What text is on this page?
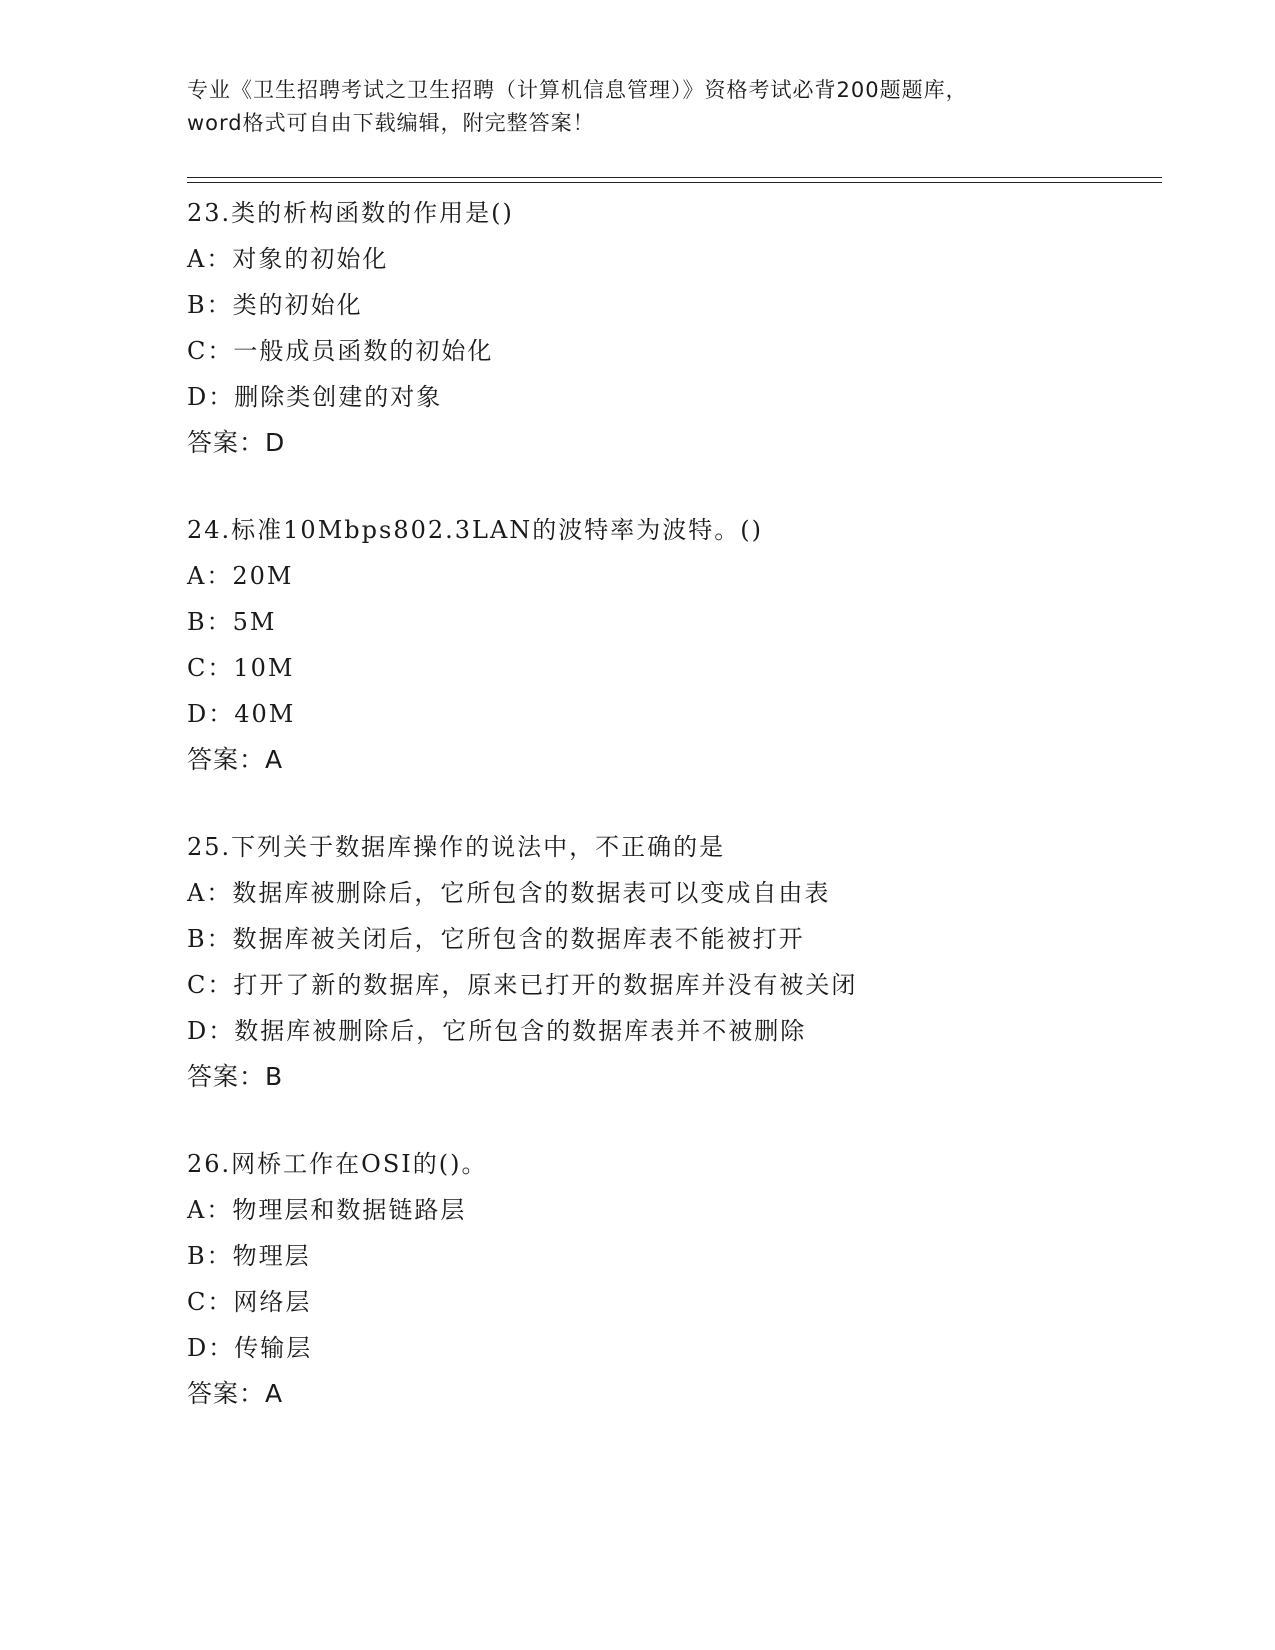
专业《卫生招聘考试之卫生招聘（计算机信息管理）》资格考试必背200题题库，
word格式可自由下载编辑，附完整答案！
23.类的析构函数的作用是()
A：对象的初始化
B：类的初始化
C：一般成员函数的初始化
D：删除类创建的对象
答案：D
24.标准10Mbps802.3LAN的波特率为波特。()
A：20M
B：5M
C：10M
D：40M
答案：A
25.下列关于数据库操作的说法中，不正确的是
A：数据库被删除后，它所包含的数据表可以变成自由表
B：数据库被关闭后，它所包含的数据库表不能被打开
C：打开了新的数据库，原来已打开的数据库并没有被关闭
D：数据库被删除后，它所包含的数据库表并不被删除
答案：B
26.网桥工作在OSI的()。
A：物理层和数据链路层
B：物理层
C：网络层
D：传输层
答案：A
